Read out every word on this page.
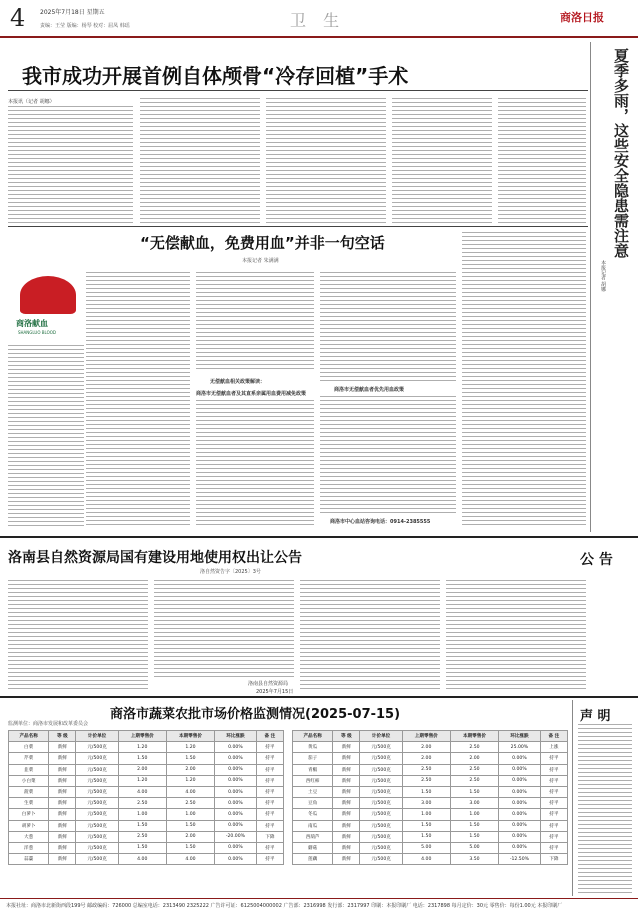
4 2025年7月18日 星期五
责编：王莹 版编：杨琴 校对：屈凤 韩瑶	卫 生	商洛日报
我市成功开展首例自体颅骨“冷存回植”手术
本报讯（记者 胡娜）
“无偿献血，免费用血”并非一句空话
本报记者 朱满满
商洛献血
SHANGLUO BLOOD
无偿献血相关政策解读：
商洛市无偿献血者及其直系亲属用血费用减免政策
商洛市无偿献血者优先用血政策
商洛市中心血站咨询电话：0914-2385555
夏季多雨，这些安全隐患需注意
本报记者 胡娜
洛南县自然资源局国有建设用地使用权出让公告	公 告
洛自然资告字〔2025〕3号
洛南县自然资源局
2025年7月15日
商洛市蔬菜农批市场价格监测情况(2025-07-15)
监测单位：商洛市发展和改革委员会	声 明
产品名称	等 级	计价单位	上期零售价	本期零售价	环比涨跌	备 注
白菜	新鲜	元/500克	1.20	1.20	0.00%	持平
芹菜	新鲜	元/500克	1.50	1.50	0.00%	持平
韭菜	新鲜	元/500克	2.00	2.00	0.00%	持平
小白菜	新鲜	元/500克	1.20	1.20	0.00%	持平
菠菜	新鲜	元/500克	4.00	4.00	0.00%	持平
生菜	新鲜	元/500克	2.50	2.50	0.00%	持平
白萝卜	新鲜	元/500克	1.00	1.00	0.00%	持平
胡萝卜	新鲜	元/500克	1.50	1.50	0.00%	持平
大葱	新鲜	元/500克	2.50	2.00	-20.00%	下降
洋葱	新鲜	元/500克	1.50	1.50	0.00%	持平
蒜薹	新鲜	元/500克	4.00	4.00	0.00%	持平
产品名称	等 级	计价单位	上期零售价	本期零售价	环比涨跌	备 注
黄瓜	新鲜	元/500克	2.00	2.50	25.00%	上涨
茄子	新鲜	元/500克	2.00	2.00	0.00%	持平
青椒	新鲜	元/500克	2.50	2.50	0.00%	持平
西红柿	新鲜	元/500克	2.50	2.50	0.00%	持平
土豆	新鲜	元/500克	1.50	1.50	0.00%	持平
豆角	新鲜	元/500克	3.00	3.00	0.00%	持平
冬瓜	新鲜	元/500克	1.00	1.00	0.00%	持平
南瓜	新鲜	元/500克	1.50	1.50	0.00%	持平
西葫芦	新鲜	元/500克	1.50	1.50	0.00%	持平
蘑菇	新鲜	元/500克	5.00	5.00	0.00%	持平
莲藕	新鲜	元/500克	4.00	3.50	-12.50%	下降
本报社址：商洛市北新街西段199号 邮政编码：726000 总编室电话：2313490 2325222 广告许可证：6125004000002 广告部：2316998 发行部：2317997 印刷：本报印刷厂 电话：2317898 每月定价：30元 零售价：每份1.00元 本报印刷厂
